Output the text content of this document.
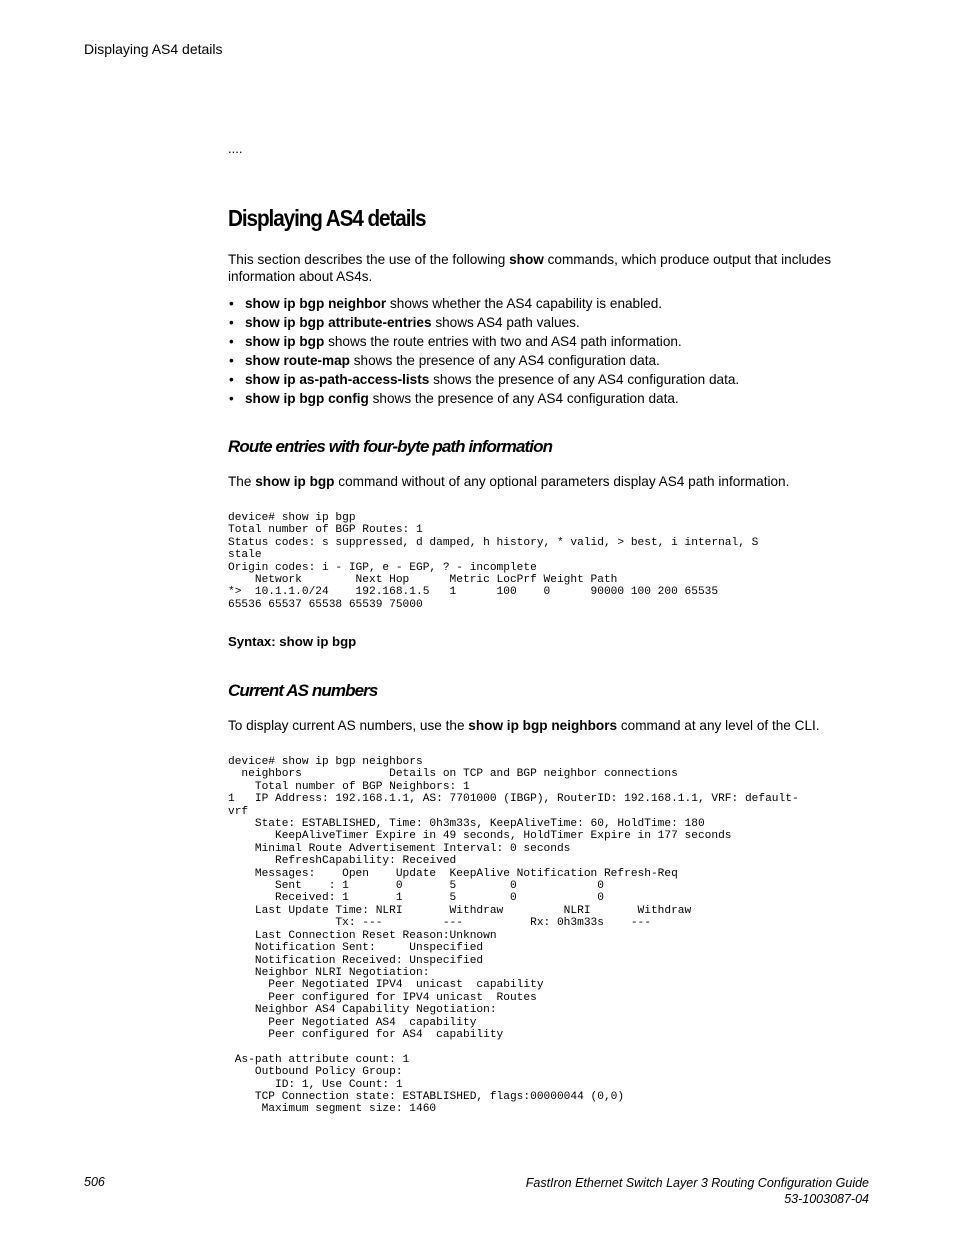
Displaying AS4 details
....
Displaying AS4 details

This section describes the use of the following show commands, which produce output that includes information about AS4s.

• show ip bgp neighbor shows whether the AS4 capability is enabled.
• show ip bgp attribute-entries shows AS4 path values.
• show ip bgp shows the route entries with two and AS4 path information.
• show route-map shows the presence of any AS4 configuration data.
• show ip as-path-access-lists shows the presence of any AS4 configuration data.
• show ip bgp config shows the presence of any AS4 configuration data.
Route entries with four-byte path information

The show ip bgp command without of any optional parameters display AS4 path information.

device# show ip bgp
Total number of BGP Routes: 1
Status codes: s suppressed, d damped, h history, * valid, > best, i internal, S
stale
Origin codes: i - IGP, e - EGP, ? - incomplete
Network        Next Hop      Metric LocPrf Weight Path
*>  10.1.1.0/24    192.168.1.5   1      100    0      90000 100 200 65535
65536 65537 65538 65539 75000
Syntax: show ip bgp
Current AS numbers

To display current AS numbers, use the show ip bgp neighbors command at any level of the CLI.

device# show ip bgp neighbors
neighbors             Details on TCP and BGP neighbor connections
Total number of BGP Neighbors: 1
1   IP Address: 192.168.1.1, AS: 7701000 (IBGP), RouterID: 192.168.1.1, VRF: default-
vrf
State: ESTABLISHED, Time: 0h3m33s, KeepAliveTime: 60, HoldTime: 180
KeepAliveTimer Expire in 49 seconds, HoldTimer Expire in 177 seconds
Minimal Route Advertisement Interval: 0 seconds
RefreshCapability: Received
Messages:    Open    Update  KeepAlive Notification Refresh-Req
Sent    : 1       0       5        0            0
Received: 1       1       5        0            0
Last Update Time: NLRI       Withdraw         NLRI       Withdraw
Tx: ---         ---          Rx: 0h3m33s    ---
Last Connection Reset Reason:Unknown
Notification Sent:     Unspecified
Notification Received: Unspecified
Neighbor NLRI Negotiation:
Peer Negotiated IPV4  unicast  capability
Peer configured for IPV4 unicast  Routes
Neighbor AS4 Capability Negotiation:
Peer Negotiated AS4  capability
Peer configured for AS4  capability

As-path attribute count: 1
Outbound Policy Group:
ID: 1, Use Count: 1
TCP Connection state: ESTABLISHED, flags:00000044 (0,0)
Maximum segment size: 1460
506	FastIron Ethernet Switch Layer 3 Routing Configuration Guide
53-1003087-04
